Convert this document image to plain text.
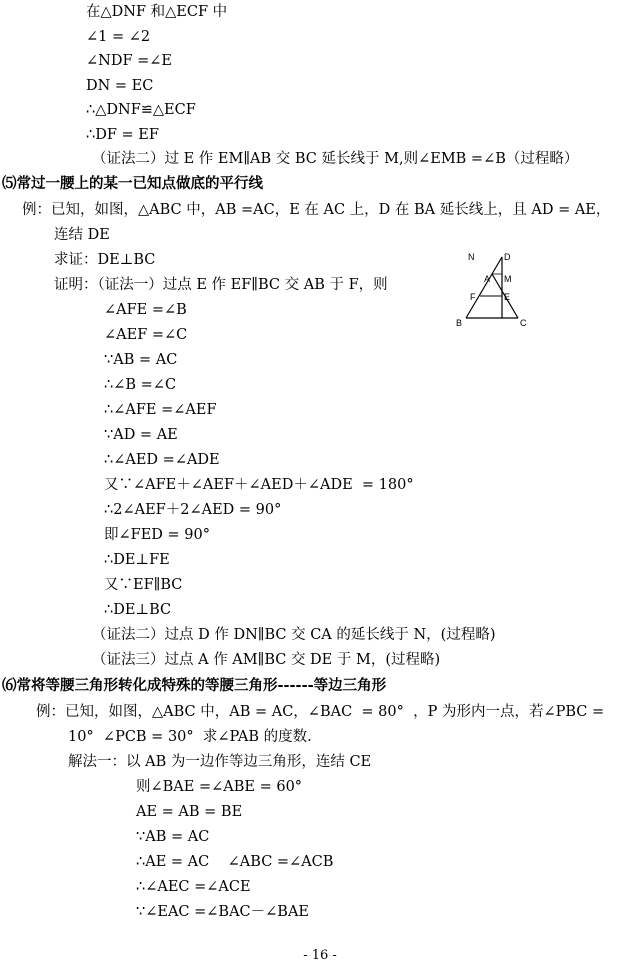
在△DNF 和△ECF 中
∠1 = ∠2
∠NDF =∠E
DN = EC
∴△DNF≌△ECF
∴DF = EF
（证法二）过 E 作 EM∥AB 交 BC 延长线于 M,则∠EMB =∠B（过程略）
⑸常过一腰上的某一已知点做底的平行线
例：已知，如图，△ABC 中，AB =AC，E 在 AC 上，D 在 BA 延长线上，且 AD = AE，
连结 DE
求证：DE⊥BC
证明：（证法一）过点 E 作 EF∥BC 交 AB 于 F，则
∠AFE =∠B
∠AEF =∠C
∵AB = AC
∴∠B =∠C
∴∠AFE =∠AEF
∵AD = AE
∴∠AED =∠ADE
又∵∠AFE＋∠AEF＋∠AED＋∠ADE  = 180°
∴2∠AEF＋2∠AED = 90°
即∠FED = 90°
∴DE⊥FE
又∵EF∥BC
∴DE⊥BC
（证法二）过点 D 作 DN∥BC 交 CA 的延长线于 N，(过程略)
（证法三）过点 A 作 AM∥BC 交 DE 于 M，(过程略)
⑹常将等腰三角形转化成特殊的等腰三角形------等边三角形
例：已知，如图，△ABC 中，AB = AC，∠BAC  = 80°  ，P 为形内一点，若∠PBC =
10°  ∠PCB = 30°  求∠PAB 的度数.
解法一：以 AB 为一边作等边三角形，连结 CE
则∠BAE =∠ABE = 60°
AE = AB = BE
∵AB = AC
∴AE = AC    ∠ABC =∠ACB
∴∠AEC =∠ACE
∵∠EAC =∠BAC－∠BAE
N	D
A M
F	E
B	C
- 16 -
